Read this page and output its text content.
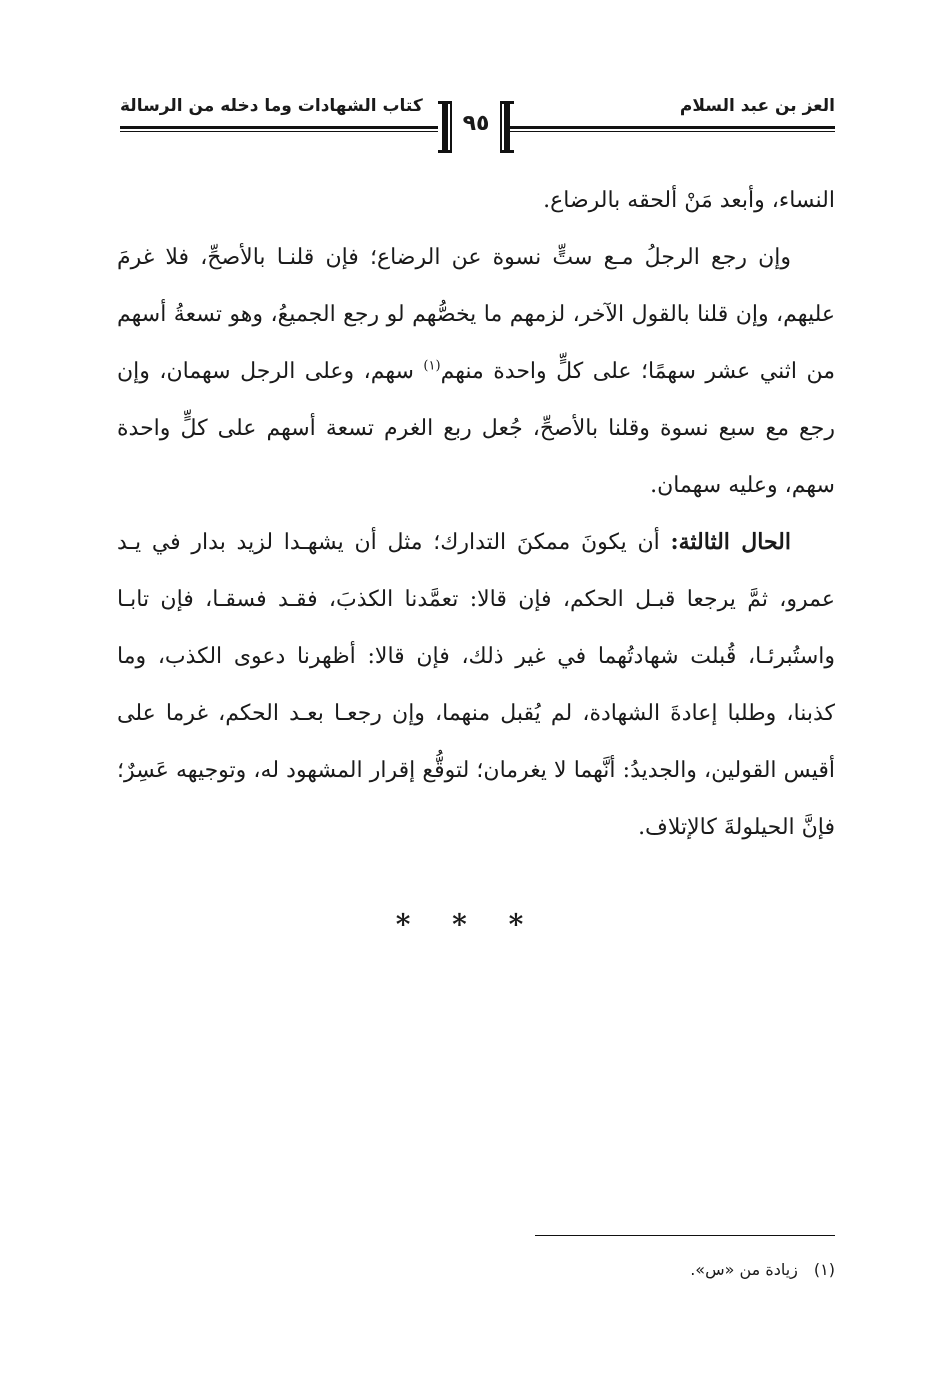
العز بن عبد السلام
كتاب الشهادات وما دخله من الرسالة
٩٥

النساء، وأبعد مَنْ ألحقه بالرضاع.

وإن رجع الرجلُ مـع ستٍّ نسوة عن الرضاع؛ فإن قلنـا بالأصحِّ، فلا غرمَ عليهم، وإن قلنا بالقول الآخر، لزمهم ما يخصُّهم لو رجع الجميعُ، وهو تسعةُ أسهم من اثني عشر سهمًا؛ على كلٍّ واحدة منهم$^{(١)}$ سهم، وعلى الرجل سهمان، وإن رجع مع سبع نسوة وقلنا بالأصحِّ، جُعل ربع الغرم تسعة أسهم على كلٍّ واحدة سهم، وعليه سهمان.

الحال الثالثة: أن يكونَ ممكنَ التدارك؛ مثل أن يشهـدا لزيد بدار في يـد عمرو، ثمَّ يرجعا قبـل الحكم، فإن قالا: تعمَّدنا الكذبَ، فقـد فسقـا، فإن تابـا واستُبرئـا، قُبلت شهادتُهما في غير ذلك، فإن قالا: أظهرنا دعوى الكذب، وما كذبنا، وطلبا إعادةَ الشهادة، لم يُقبل منهما، وإن رجعـا بعـد الحكم، غرما على أقيس القولين، والجديدُ: أنَّهما لا يغرمان؛ لتوقُّع إقرار المشهود له، وتوجيهه عَسِرٌ؛ فإنَّ الحيلولةَ كالإتلاف.

* * *
(١)زيادة من «س».
